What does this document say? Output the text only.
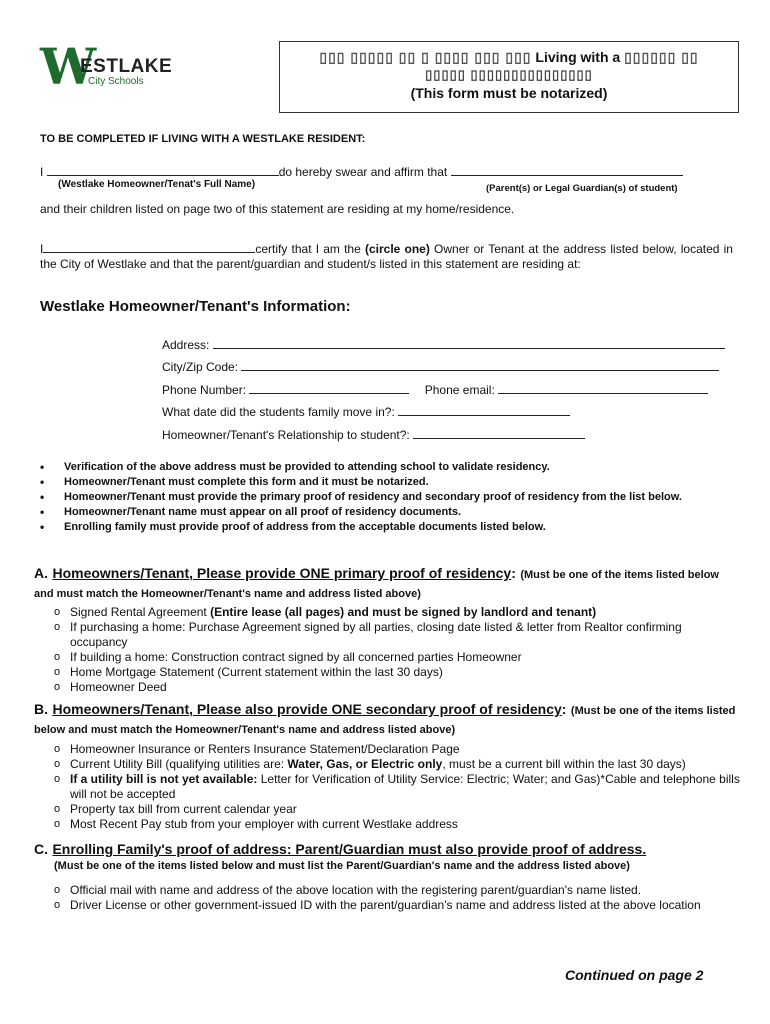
W
ESTLAKE
City Schools
▯▯▯ ▯▯▯▯▯ ▯▯ ▯ ▯▯▯▯ ▯▯▯ ▯▯▯ Living with a ▯▯▯▯▯▯ ▯▯
▯▯▯▯▯ ▯▯▯▯▯▯▯▯▯▯▯▯▯▯▯
(This form must be notarized)
TO BE COMPLETED IF LIVING WITH A WESTLAKE RESIDENT:
I	do hereby swear and affirm that
(Westlake Homeowner/Tenat's Full Name)	(Parent(s) or Legal Guardian(s) of student)
and their children listed on page two of this statement are residing at my home/residence.
I	certify that I am the (circle one) Owner or Tenant at the address listed below, located in the City of Westlake and that the parent/guardian and student/s listed in this statement are residing at:
Westlake Homeowner/Tenant's Information:
Address:
City/Zip Code:
Phone Number:	Phone email:
What date did the students family move in?:
Homeowner/Tenant's Relationship to student?:
• Verification of the above address must be provided to attending school to validate residency.
• Homeowner/Tenant must complete this form and it must be notarized.
• Homeowner/Tenant must provide the primary proof of residency and secondary proof of residency from the list below.
• Homeowner/Tenant name must appear on all proof of residency documents.
• Enrolling family must provide proof of address from the acceptable documents listed below.
A. Homeowners/Tenant, Please provide ONE primary proof of residency: (Must be one of the items listed below and must match the Homeowner/Tenant's name and address listed above)
o Signed Rental Agreement (Entire lease (all pages) and must be signed by landlord and tenant)
o If purchasing a home: Purchase Agreement signed by all parties, closing date listed & letter from Realtor confirming occupancy
o If building a home: Construction contract signed by all concerned parties Homeowner
o Home Mortgage Statement (Current statement within the last 30 days)
o Homeowner Deed
B. Homeowners/Tenant, Please also provide ONE secondary proof of residency: (Must be one of the items listed below and must match the Homeowner/Tenant's name and address listed above)
o Homeowner Insurance or Renters Insurance Statement/Declaration Page
o Current Utility Bill (qualifying utilities are: Water, Gas, or Electric only, must be a current bill within the last 30 days)
o If a utility bill is not yet available: Letter for Verification of Utility Service: Electric; Water; and Gas)*Cable and telephone bills will not be accepted
o Property tax bill from current calendar year
o Most Recent Pay stub from your employer with current Westlake address
C. Enrolling Family's proof of address: Parent/Guardian must also provide proof of address.
(Must be one of the items listed below and must list the Parent/Guardian's name and the address listed above)
o Official mail with name and address of the above location with the registering parent/guardian's name listed.
o Driver License or other government-issued ID with the parent/guardian's name and address listed at the above location
Continued on page 2
